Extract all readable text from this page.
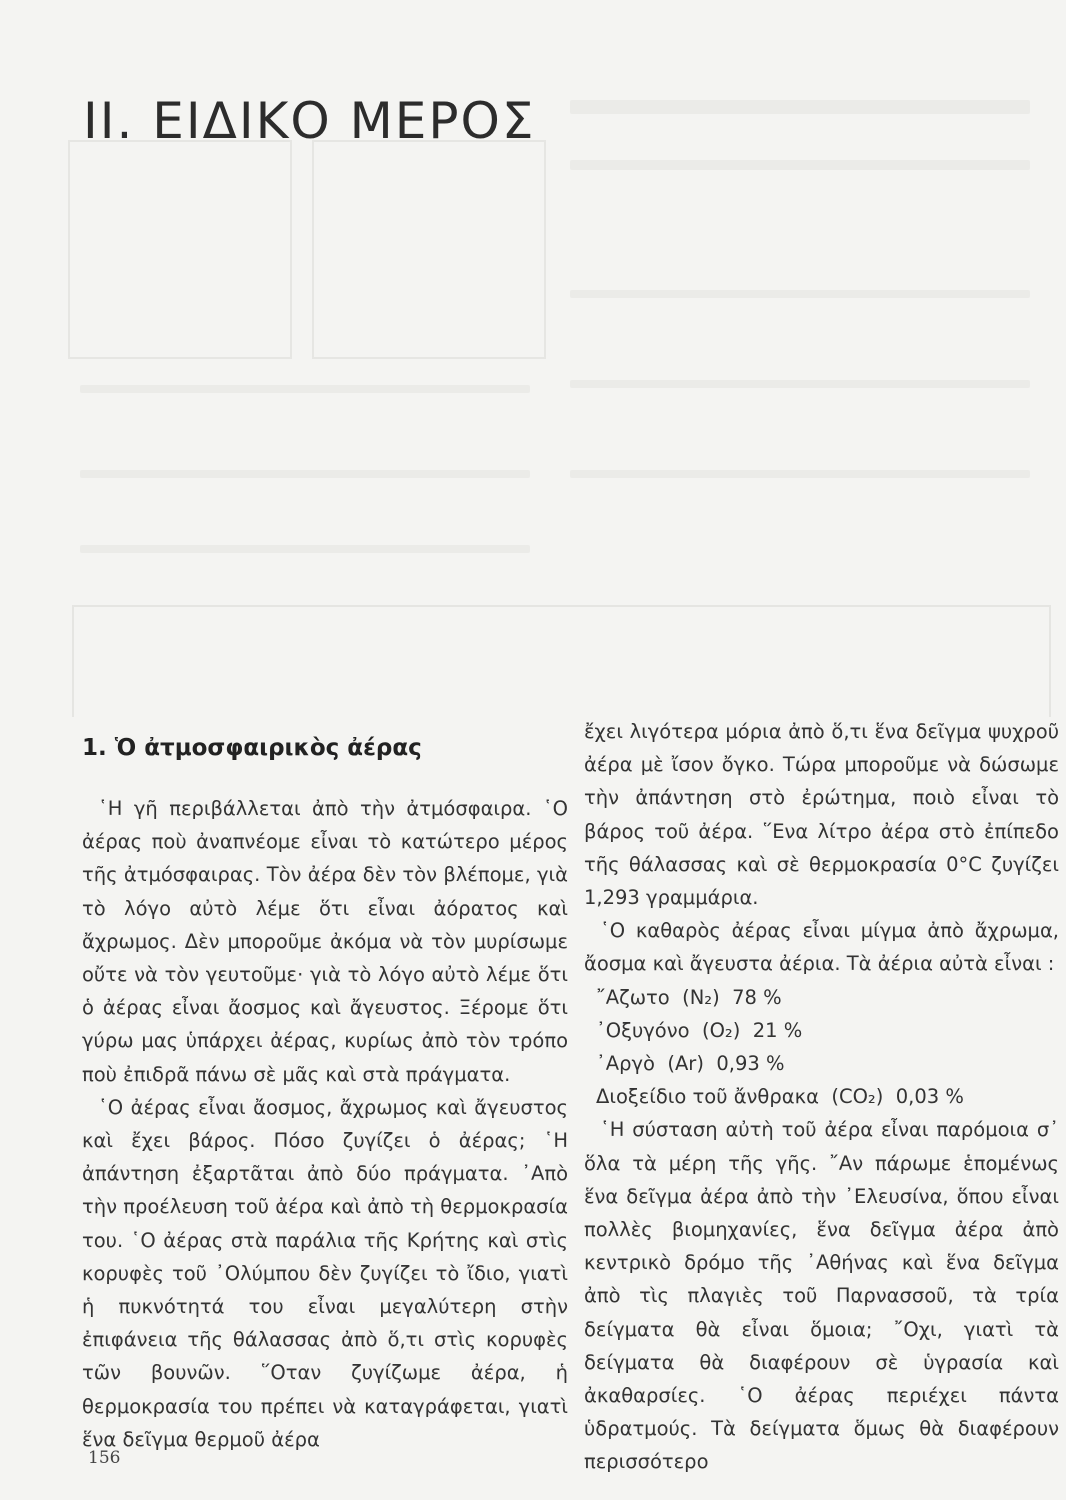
II. ΕΙΔΙΚΟ ΜΕΡΟΣ
1. Ὁ ἀτμοσφαιρικὸς ἀέρας

῾Η γῆ περιβάλλεται ἀπὸ τὴν ἀτμόσφαιρα. ῾Ο ἀέρας ποὺ ἀναπνέομε εἶναι τὸ κατώτερο μέρος τῆς ἀτμόσφαιρας. Τὸν ἀέρα δὲν τὸν βλέπομε, γιὰ τὸ λόγο αὐτὸ λέμε ὅτι εἶναι ἀόρατος καὶ ἄχρωμος. Δὲν μποροῦμε ἀκόμα νὰ τὸν μυρίσωμε οὔτε νὰ τὸν γευτοῦμε· γιὰ τὸ λόγο αὐτὸ λέμε ὅτι ὁ ἀέρας εἶναι ἄοσμος καὶ ἄγευστος. Ξέρομε ὅτι γύρω μας ὑπάρχει ἀέρας, κυρίως ἀπὸ τὸν τρόπο ποὺ ἐπιδρᾶ πάνω σὲ μᾶς καὶ στὰ πράγματα.

῾Ο ἀέρας εἶναι ἄοσμος, ἄχρωμος καὶ ἄγευστος καὶ ἔχει βάρος. Πόσο ζυγίζει ὁ ἀέρας; ῾Η ἀπάντηση ἐξαρτᾶται ἀπὸ δύο πράγματα. ᾿Απὸ τὴν προέλευση τοῦ ἀέρα καὶ ἀπὸ τὴ θερμοκρασία του. ῾Ο ἀέρας στὰ παράλια τῆς Κρήτης καὶ στὶς κορυφὲς τοῦ ᾿Ολύμπου δὲν ζυγίζει τὸ ἴδιο, γιατὶ ἡ πυκνότητά του εἶναι μεγαλύτερη στὴν ἐπιφάνεια τῆς θάλασσας ἀπὸ ὅ,τι στὶς κορυφὲς τῶν βουνῶν. ῞Οταν ζυγίζωμε ἀέρα, ἡ θερμοκρασία του πρέπει νὰ καταγράφεται, γιατὶ ἕνα δεῖγμα θερμοῦ ἀέρα

ἔχει λιγότερα μόρια ἀπὸ ὅ,τι ἕνα δεῖγμα ψυχροῦ ἀέρα μὲ ἴσον ὄγκο. Τώρα μποροῦμε νὰ δώσωμε τὴν ἀπάντηση στὸ ἐρώτημα, ποιὸ εἶναι τὸ βάρος τοῦ ἀέρα. ῞Ενα λίτρο ἀέρα στὸ ἐπίπεδο τῆς θάλασσας καὶ σὲ θερμοκρασία 0°C ζυγίζει 1,293 γραμμάρια.

῾Ο καθαρὸς ἀέρας εἶναι μίγμα ἀπὸ ἄχρωμα, ἄοσμα καὶ ἄγευστα ἀέρια. Τὰ ἀέρια αὐτὰ εἶναι :

῎Αζωτο (N₂) 78 %

᾿Οξυγόνο (O₂) 21 %

᾿Αργὸ (Ar) 0,93 %

Διοξείδιο τοῦ ἄνθρακα (CO₂) 0,03 %

῾Η σύσταση αὐτὴ τοῦ ἀέρα εἶναι παρόμοια σ᾿ ὅλα τὰ μέρη τῆς γῆς. ῎Αν πάρωμε ἑπομένως ἕνα δεῖγμα ἀέρα ἀπὸ τὴν ᾿Ελευσίνα, ὅπου εἶναι πολλὲς βιομηχανίες, ἕνα δεῖγμα ἀέρα ἀπὸ κεντρικὸ δρόμο τῆς ᾿Αθήνας καὶ ἕνα δεῖγμα ἀπὸ τὶς πλαγιὲς τοῦ Παρνασσοῦ, τὰ τρία δείγματα θὰ εἶναι ὅμοια; ῎Οχι, γιατὶ τὰ δείγματα θὰ διαφέρουν σὲ ὑγρασία καὶ ἀκαθαρσίες. ῾Ο ἀέρας περιέχει πάντα ὑδρατμούς. Τὰ δείγματα ὅμως θὰ διαφέρουν περισσότερο

156
